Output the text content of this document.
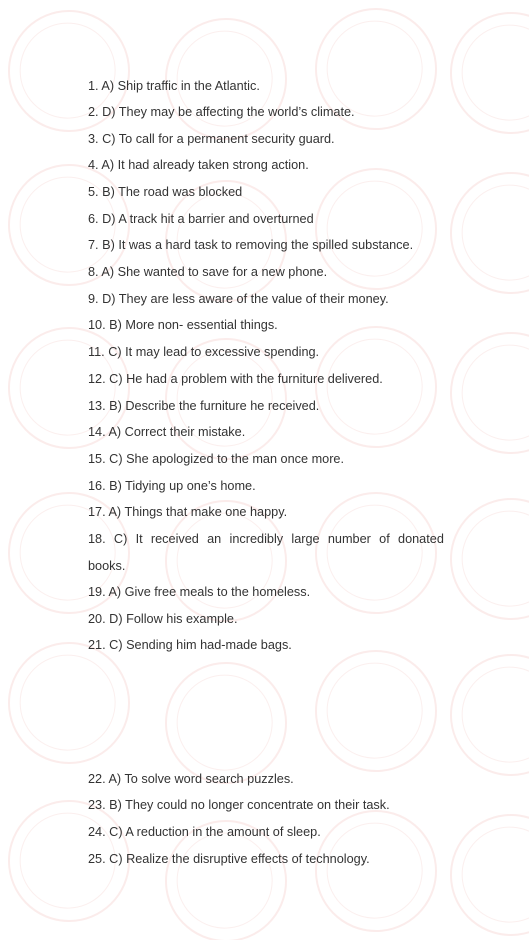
1. A) Ship traffic in the Atlantic.

2. D) They may be affecting the world’s climate.

3. C) To call for a permanent security guard.

4. A) It had already taken strong action.

5. B) The road was blocked

6. D) A track hit a barrier and overturned

7. B) It was a hard task to removing the spilled substance.

8. A) She wanted to save for a new phone.

9. D) They are less aware of the value of their money.

10. B) More non- essential things.

11. C) It may lead to excessive spending.

12. C) He had a problem with the furniture delivered.

13. B) Describe the furniture he received.

14. A) Correct their mistake.

15. C) She apologized to the man once more.

16. B) Tidying up one’s home.

17. A) Things that make one happy.

18. C) It received an incredibly large number of donated

books.

19. A) Give free meals to the homeless.

20. D) Follow his example.

21. C) Sending him had-made bags.

22. A) To solve word search puzzles.

23. B) They could no longer concentrate on their task.

24. C) A reduction in the amount of sleep.

25. C) Realize the disruptive effects of technology.
